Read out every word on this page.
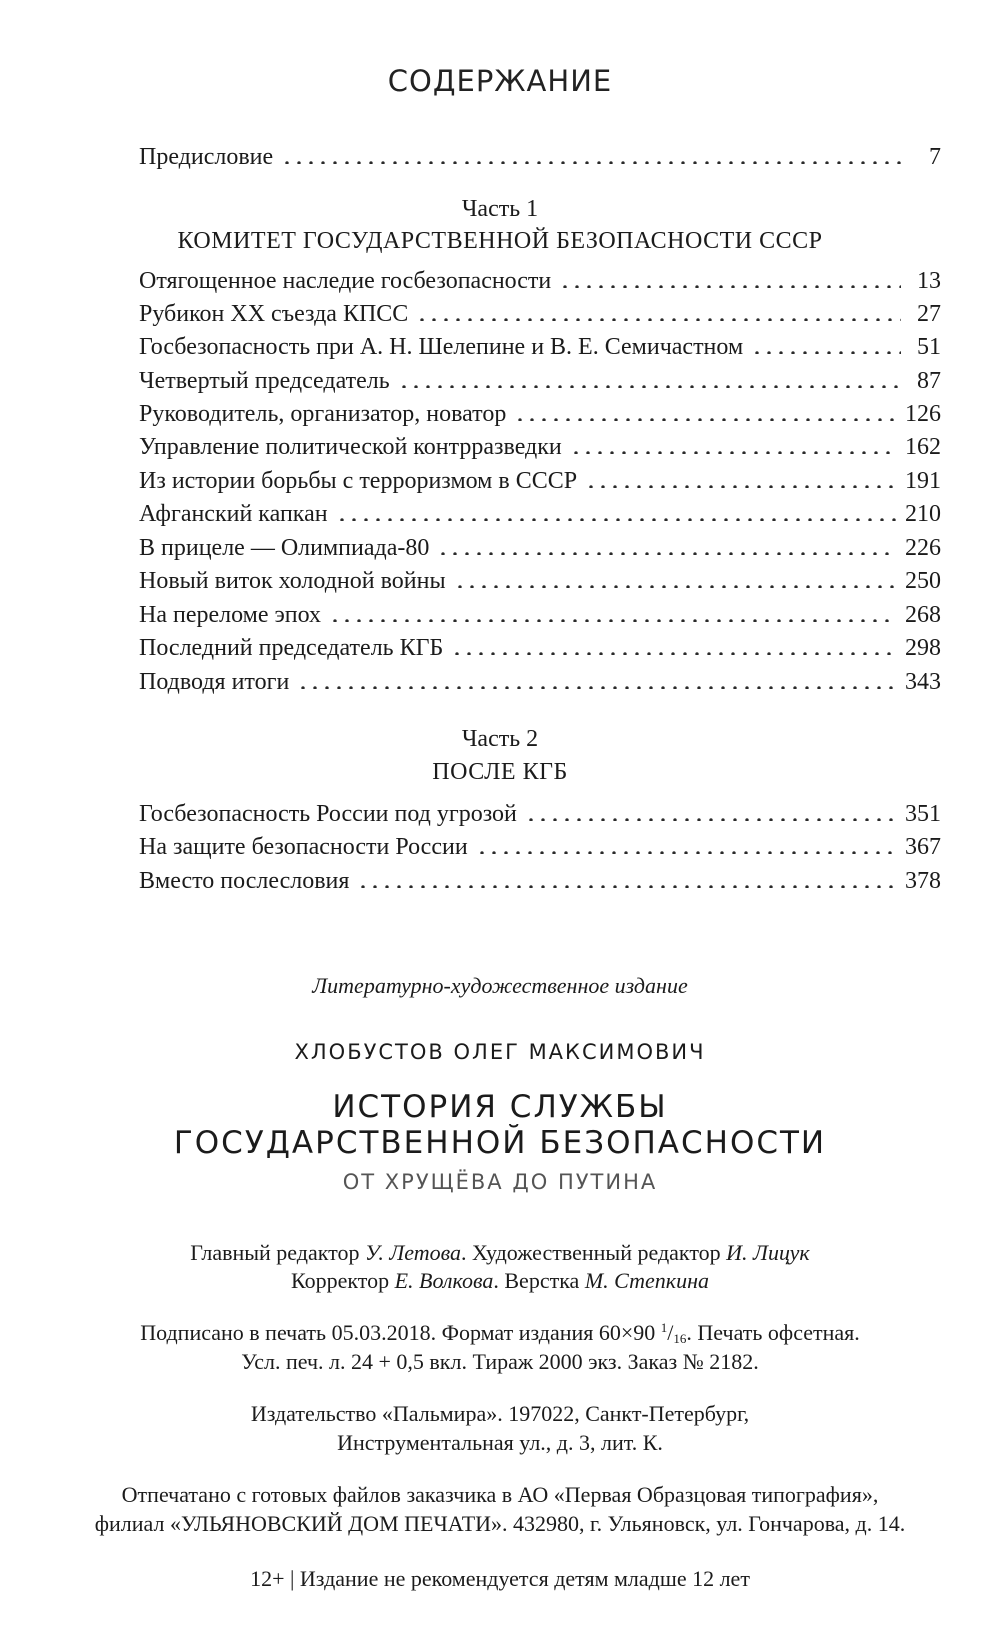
СОДЕРЖАНИЕ
Предисловие	7
Часть 1
КОМИТЕТ ГОСУДАРСТВЕННОЙ БЕЗОПАСНОСТИ СССР
Отягощенное наследие госбезопасности	13
Рубикон XX съезда КПСС	27
Госбезопасность при А. Н. Шелепине и В. Е. Семичастном	51
Четвертый председатель	87
Руководитель, организатор, новатор	126
Управление политической контрразведки	162
Из истории борьбы с терроризмом в СССР	191
Афганский капкан	210
В прицеле — Олимпиада-80	226
Новый виток холодной войны	250
На переломе эпох	268
Последний председатель КГБ	298
Подводя итоги	343
Часть 2
ПОСЛЕ КГБ
Госбезопасность России под угрозой	351
На защите безопасности России	367
Вместо послесловия	378
Литературно-художественное издание
ХЛОБУСТОВ ОЛЕГ МАКСИМОВИЧ
ИСТОРИЯ СЛУЖБЫ
ГОСУДАРСТВЕННОЙ БЕЗОПАСНОСТИ
ОТ ХРУЩЁВА ДО ПУТИНА
Главный редактор У. Летова. Художественный редактор И. Лицук
Корректор Е. Волкова. Верстка М. Степкина
Подписано в печать 05.03.2018. Формат издания 60×90 $^1/_{16}$. Печать офсетная.
Усл. печ. л. 24 + 0,5 вкл. Тираж 2000 экз. Заказ № 2182.
Издательство «Пальмира». 197022, Санкт-Петербург,
Инструментальная ул., д. 3, лит. К.
Отпечатано с готовых файлов заказчика в АО «Первая Образцовая типография»,
филиал «УЛЬЯНОВСКИЙ ДОМ ПЕЧАТИ». 432980, г. Ульяновск, ул. Гончарова, д. 14.
12+ | Издание не рекомендуется детям младше 12 лет
